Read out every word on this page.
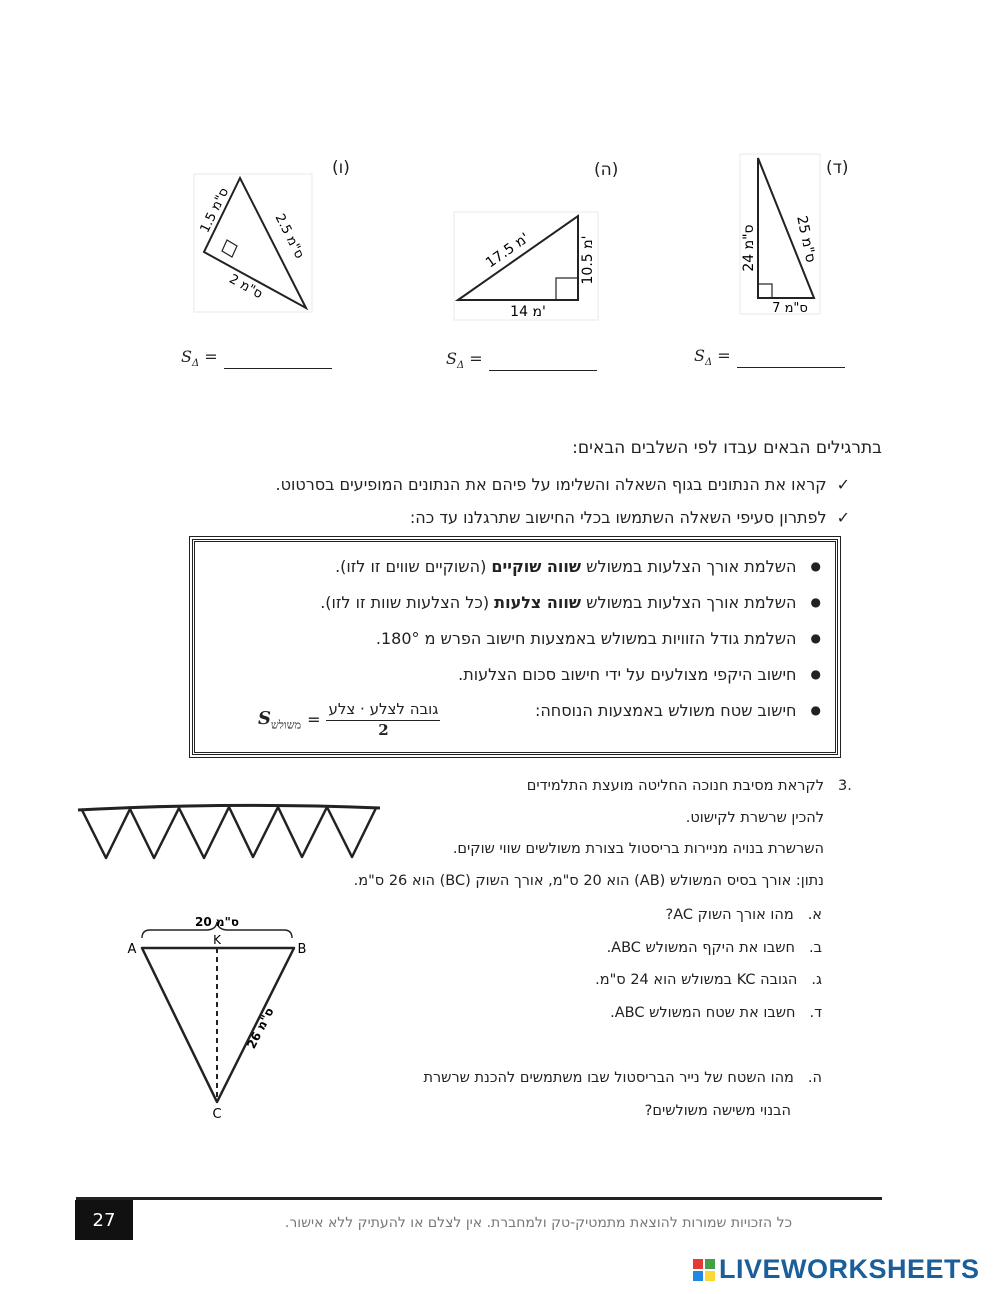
(ד)
(ה)
(ו)
24 ס"מ	25 ס"מ
7 ס"מ
17.5 מ'
10.5 מ'
14 מ'
1.5 ס"מ
2.5 ס"מ
2 ס"מ
$S_\Delta$ =
$S_\Delta$ =
$S_\Delta$ =
בתרגילים הבאים עבדו לפי השלבים הבאים:
✓
קראו את הנתונים בגוף השאלה והשלימו על פיהם את הנתונים המופיעים בסרטוט.
✓
לפתרון סעיפי השאלה השתמשו בכלי החישוב שתרגלנו עד כה:
●
השלמת אורך הצלעות במשולש שווה שוקיים (השוקיים שווים זו לזו).
●
השלמת אורך הצלעות במשולש שווה צלעות (כל הצלעות שוות זו לזו).
●
השלמת גודל הזוויות במשולש באמצעות חישוב הפרש מ 180°.
●
חישוב היקפי מצולעים על ידי חישוב סכום הצלעות.
●
חישוב שטח משולש באמצעות הנוסחה:
$S_{משולש}$ =
גובה לצלע · צלע
2
3.
לקראת מסיבת חנוכה החליטה מועצת התלמידים
להכין שרשרת לקישוט.
השרשרת בנויה מניירות בריסטול בצורת משולשים שווי שוקים.
נתון: אורך בסיס המשולש (AB) הוא 20 ס"מ, אורך השוק (BC) הוא 26 ס"מ.
א.
מהו אורך השוק AC?
ב.
חשבו את היקף המשולש ABC.
ג.
הגובה KC במשולש הוא 24 ס"מ.
ד.
חשבו את שטח המשולש ABC.
ה.
מהו השטח של נייר הבריסטול שבו משתמשים להכנת שרשרת
הבנוי משישה משולשים?
20 ס"מ
26 ס"מ
A	B
K
C
27	כל הזכויות שמורות להוצאת מתמטיק-טק ולמחברת. אין לצלם או להעתיק ללא אישור.
LIVEWORKSHEETS
